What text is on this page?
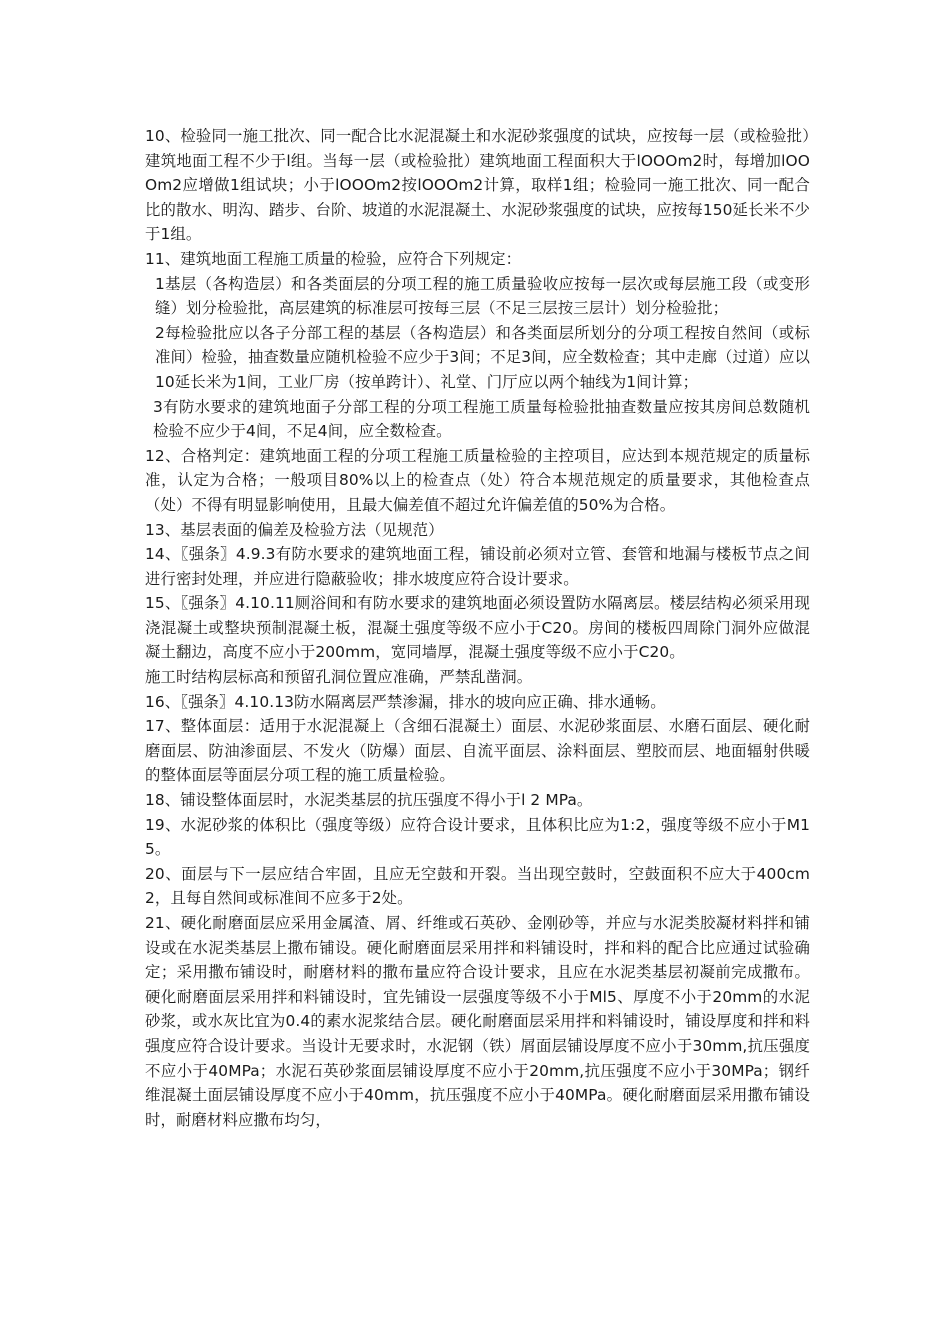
10、检验同一施工批次、同一配合比水泥混凝土和水泥砂浆强度的试块，应按每一层（或检验批）建筑地面工程不少于l组。当每一层（或检验批）建筑地面工程面积大于lOOOm2时，每增加lOOOm2应增做1组试块；小于lOOOm2按lOOOm2计算，取样1组；检验同一施工批次、同一配合比的散水、明沟、踏步、台阶、坡道的水泥混凝土、水泥砂浆强度的试块，应按每150延长米不少于1组。

11、建筑地面工程施工质量的检验，应符合下列规定：

1基层（各构造层）和各类面层的分项工程的施工质量验收应按每一层次或每层施工段（或变形缝）划分检验批，高层建筑的标准层可按每三层（不足三层按三层计）划分检验批；

2每检验批应以各子分部工程的基层（各构造层）和各类面层所划分的分项工程按自然间（或标准间）检验，抽查数量应随机检验不应少于3间；不足3间，应全数检查；其中走廊（过道）应以10延长米为1间，工业厂房（按单跨计）、礼堂、门厅应以两个轴线为1间计算；

3有防水要求的建筑地面子分部工程的分项工程施工质量每检验批抽查数量应按其房间总数随机检验不应少于4间，不足4间，应全数检查。

12、合格判定：建筑地面工程的分项工程施工质量检验的主控项目，应达到本规范规定的质量标准，认定为合格；一般项目80%以上的检查点（处）符合本规范规定的质量要求，其他检查点（处）不得有明显影响使用，且最大偏差值不超过允许偏差值的50%为合格。

13、基层表面的偏差及检验方法（见规范）

14、〖强条〗4.9.3有防水要求的建筑地面工程，铺设前必须对立管、套管和地漏与楼板节点之间进行密封处理，并应进行隐蔽验收；排水坡度应符合设计要求。

15、〖强条〗4.10.11厕浴间和有防水要求的建筑地面必须设置防水隔离层。楼层结构必须采用现浇混凝土或整块预制混凝土板，混凝土强度等级不应小于C20。房间的楼板四周除门洞外应做混凝土翻边，高度不应小于200mm，宽同墙厚，混凝土强度等级不应小于C20。

施工时结构层标高和预留孔洞位置应准确，严禁乱凿洞。

16、〖强条〗4.10.13防水隔离层严禁渗漏，排水的坡向应正确、排水通畅。

17、整体面层：适用于水泥混凝上（含细石混凝土）面层、水泥砂浆面层、水磨石面层、硬化耐磨面层、防油渗面层、不发火（防爆）面层、自流平面层、涂料面层、塑胶而层、地面辐射供暖的整体面层等面层分项工程的施工质量检验。

18、铺设整体面层时，水泥类基层的抗压强度不得小于l 2 MPa。

19、水泥砂浆的体积比（强度等级）应符合设计要求，且体积比应为1:2，强度等级不应小于M15。

20、面层与下一层应结合牢固，且应无空鼓和开裂。当出现空鼓时，空鼓面积不应大于400cm2，且每自然间或标准间不应多于2处。

21、硬化耐磨面层应采用金属渣、屑、纤维或石英砂、金刚砂等，并应与水泥类胶凝材料拌和铺设或在水泥类基层上撒布铺设。硬化耐磨面层采用拌和料铺设时，拌和料的配合比应通过试验确定；采用撒布铺设时，耐磨材料的撒布量应符合设计要求，且应在水泥类基层初凝前完成撒布。硬化耐磨面层采用拌和料铺设时，宜先铺设一层强度等级不小于Ml5、厚度不小于20mm的水泥砂浆，或水灰比宜为0.4的素水泥浆结合层。硬化耐磨面层采用拌和料铺设时，铺设厚度和拌和料强度应符合设计要求。当设计无要求时，水泥钢（铁）屑面层铺设厚度不应小于30mm,抗压强度不应小于40MPa；水泥石英砂浆面层铺设厚度不应小于20mm,抗压强度不应小于30MPa；钢纤维混凝土面层铺设厚度不应小于40mm，抗压强度不应小于40MPa。硬化耐磨面层采用撒布铺设时，耐磨材料应撒布均匀，
